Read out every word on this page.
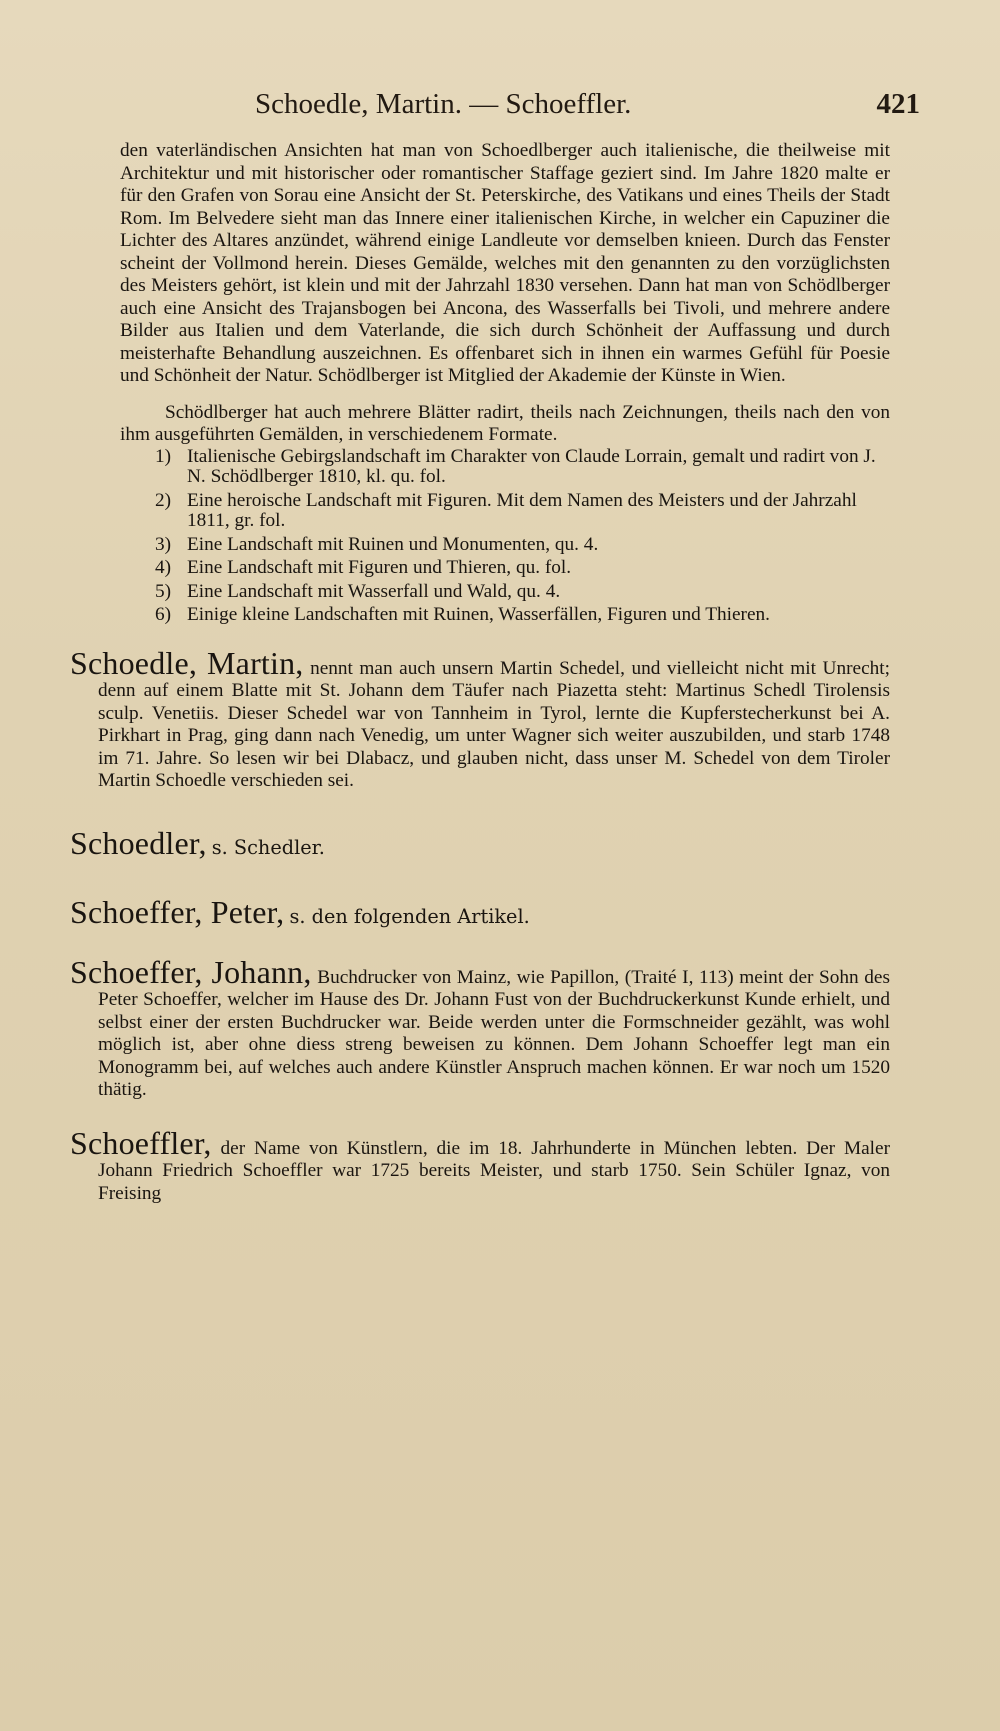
Schoedle, Martin. — Schoeffler.	421

den vaterländischen Ansichten hat man von Schoedlberger auch italienische, die theilweise mit Architektur und mit historischer oder romantischer Staffage geziert sind. Im Jahre 1820 malte er für den Grafen von Sorau eine Ansicht der St. Peterskirche, des Vatikans und eines Theils der Stadt Rom. Im Belvedere sieht man das Innere einer italienischen Kirche, in welcher ein Capuziner die Lichter des Altares anzündet, während einige Landleute vor demselben knieen. Durch das Fenster scheint der Vollmond herein. Dieses Gemälde, welches mit den genannten zu den vorzüglichsten des Meisters gehört, ist klein und mit der Jahrzahl 1830 versehen. Dann hat man von Schödlberger auch eine Ansicht des Trajansbogen bei Ancona, des Wasserfalls bei Tivoli, und mehrere andere Bilder aus Italien und dem Vaterlande, die sich durch Schönheit der Auffassung und durch meisterhafte Behandlung auszeichnen. Es offenbaret sich in ihnen ein warmes Gefühl für Poesie und Schönheit der Natur. Schödlberger ist Mitglied der Akademie der Künste in Wien.

Schödlberger hat auch mehrere Blätter radirt, theils nach Zeichnungen, theils nach den von ihm ausgeführten Gemälden, in verschiedenem Formate.

1) Italienische Gebirgslandschaft im Charakter von Claude Lorrain, gemalt und radirt von J. N. Schödlberger 1810, kl. qu. fol.
2) Eine heroische Landschaft mit Figuren. Mit dem Namen des Meisters und der Jahrzahl 1811, gr. fol.
3) Eine Landschaft mit Ruinen und Monumenten, qu. 4.
4) Eine Landschaft mit Figuren und Thieren, qu. fol.
5) Eine Landschaft mit Wasserfall und Wald, qu. 4.
6) Einige kleine Landschaften mit Ruinen, Wasserfällen, Figuren und Thieren.
Schoedle, Martin, nennt man auch unsern Martin Schedel, und vielleicht nicht mit Unrecht; denn auf einem Blatte mit St. Johann dem Täufer nach Piazetta steht: Martinus Schedl Tirolensis sculp. Venetiis. Dieser Schedel war von Tannheim in Tyrol, lernte die Kupferstecherkunst bei A. Pirkhart in Prag, ging dann nach Venedig, um unter Wagner sich weiter auszubilden, und starb 1748 im 71. Jahre. So lesen wir bei Dlabacz, und glauben nicht, dass unser M. Schedel von dem Tiroler Martin Schoedle verschieden sei.
Schoedler, s. Schedler.
Schoeffer, Peter, s. den folgenden Artikel.
Schoeffer, Johann, Buchdrucker von Mainz, wie Papillon, (Traité I, 113) meint der Sohn des Peter Schoeffer, welcher im Hause des Dr. Johann Fust von der Buchdruckerkunst Kunde erhielt, und selbst einer der ersten Buchdrucker war. Beide werden unter die Formschneider gezählt, was wohl möglich ist, aber ohne diess streng beweisen zu können. Dem Johann Schoeffer legt man ein Monogramm bei, auf welches auch andere Künstler Anspruch machen können. Er war noch um 1520 thätig.
Schoeffler, der Name von Künstlern, die im 18. Jahrhunderte in München lebten. Der Maler Johann Friedrich Schoeffler war 1725 bereits Meister, und starb 1750. Sein Schüler Ignaz, von Freising
